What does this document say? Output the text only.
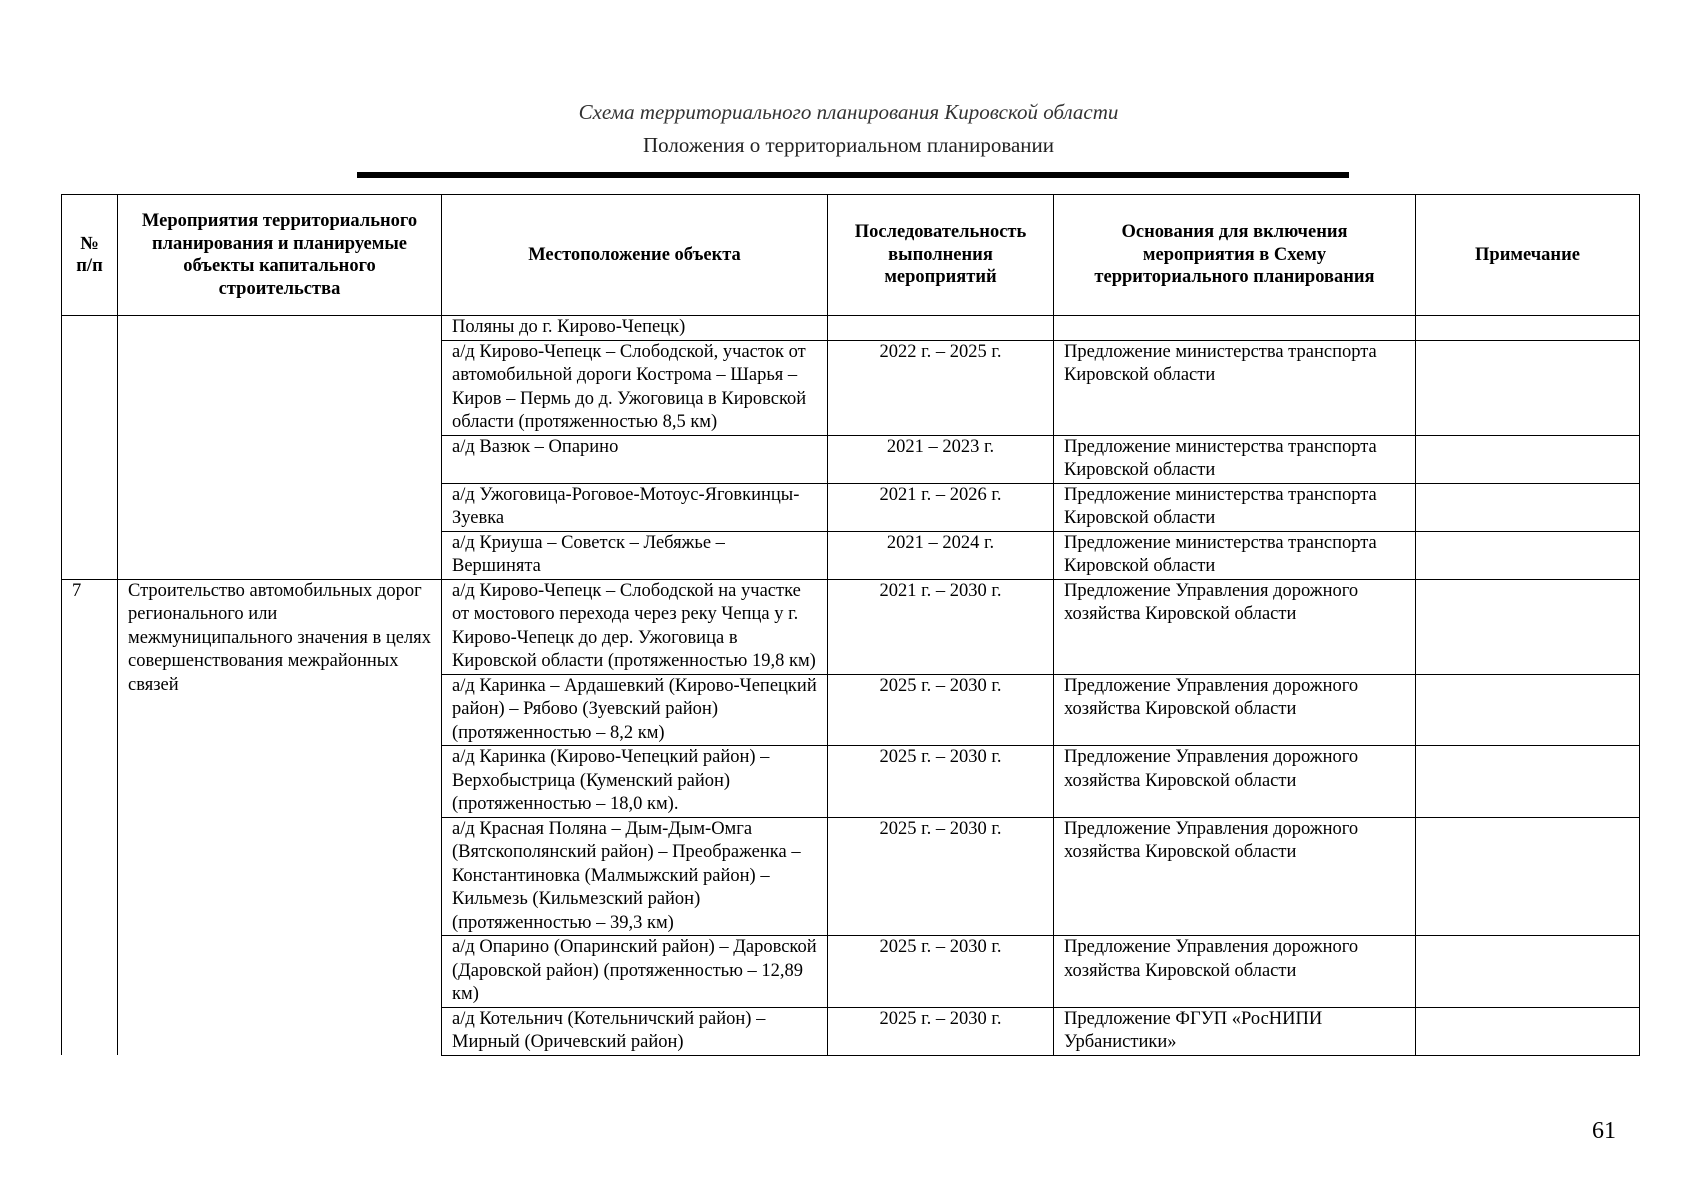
Схема территориального планирования Кировской области
Положения о территориальном планировании
№ п/п	Мероприятия территориального планирования и планируемые объекты капитального строительства	Местоположение объекта	Последовательность выполнения мероприятий	Основания для включения мероприятия в Схему территориального планирования	Примечание
		Поляны до г. Кирово-Чепецк)			
		а/д Кирово-Чепецк – Слободской, участок от автомобильной дороги Кострома – Шарья – Киров – Пермь до д. Ужоговица в Кировской области (протяженностью 8,5 км)	2022 г. – 2025 г.	Предложение министерства транспорта Кировской области	
		а/д Вазюк – Опарино	2021 – 2023 г.	Предложение министерства транспорта Кировской области	
		а/д Ужоговица-Роговое-Мотоус-Яговкинцы-Зуевка	2021 г. – 2026 г.	Предложение министерства транспорта Кировской области	
		а/д Криуша – Советск – Лебяжье – Вершинята	2021 – 2024 г.	Предложение министерства транспорта Кировской области	
7	Строительство автомобильных дорог регионального или межмуниципального значения в целях совершенствования межрайонных связей	а/д Кирово-Чепецк – Слободской на участке от мостового перехода через реку Чепца у г. Кирово-Чепецк до дер. Ужоговица в Кировской области (протяженностью 19,8 км)	2021 г. – 2030 г.	Предложение Управления дорожного хозяйства Кировской области	
		а/д Каринка – Ардашевкий (Кирово-Чепецкий район) – Рябово (Зуевский район) (протяженностью – 8,2 км)	2025 г. – 2030 г.	Предложение Управления дорожного хозяйства Кировской области	
		а/д Каринка (Кирово-Чепецкий район) – Верхобыстрица (Куменский район) (протяженностью – 18,0 км).	2025 г. – 2030 г.	Предложение Управления дорожного хозяйства Кировской области	
		а/д Красная Поляна – Дым-Дым-Омга (Вятскополянский район) – Преображенка – Константиновка (Малмыжский район) – Кильмезь (Кильмезский район) (протяженностью – 39,3 км)	2025 г. – 2030 г.	Предложение Управления дорожного хозяйства Кировской области	
		а/д Опарино (Опаринский район) – Даровской (Даровской район) (протяженностью – 12,89 км)	2025 г. – 2030 г.	Предложение Управления дорожного хозяйства Кировской области	
		а/д Котельнич (Котельничский район) – Мирный (Оричевский район)	2025 г. – 2030 г.	Предложение ФГУП «РосНИПИ Урбанистики»	
61
